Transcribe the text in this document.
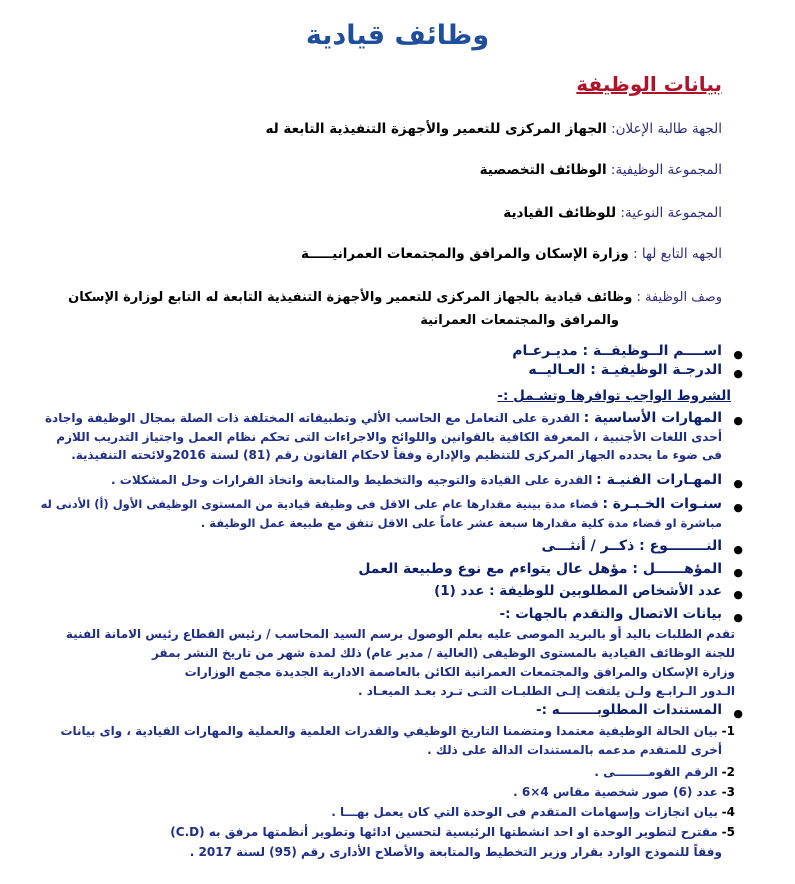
وظائف قيادية
بيانات الوظيفة
الجهة طالبة الإعلان: الجهاز المركزى للتعمير والأجهزة التنفيذية التابعة له
المجموعة الوظيفية: الوظائف التخصصية
المجموعة النوعية: للوظائف القيادية
الجهه التابع لها : وزارة الإسكان والمرافق والمجتمعات العمرانيـــــة
وصف الوظيفة : وظائف قيادية بالجهاز المركزى للتعمير والأجهزة التنفيذية التابعة له التابع لوزارة الإسكان
والمرافق والمجتمعات العمرانية
●
اســــم الــوظيفــة : مديـرعـام
●
الدرجـة الوظيفيـة : العـاليــه
الشروط الواجب توافرها وتشـمل :-
●
المهارات الأساسية : القدرة على التعامل مع الحاسب الألي وتطبيقاته المختلفة ذات الصلة بمجال الوظيفة واجادة
أحدى اللغات الأجنبية ، المعرفة الكافية بالقوانين واللوائح والاجراءات التى تحكم نظام العمل واجتياز التدريب اللازم
فى ضوء ما يحدده الجهاز المركزى للتنظيم والإدارة وفقاً لاحكام القانون رقم (81) لسنة 2016ولائحته التنفيذية.
●
المهـارات الفنيـة : القدرة على القيادة والتوجيه والتخطيط والمتابعة واتخاذ القرارات وحل المشكلات .
●
سنـوات الخـبـرة : قضاء مدة بينية مقدارها عام على الاقل فى وظيفة قيادية من المستوى الوظيفى الأول (أ) الأدنى له
مباشرة او قضاء مدة كلية مقدارها سبعة عشر عاماً على الاقل تتفق مع طبيعة عمل الوظيفة .
●
النــــــــوع : ذكــر / أنثـــى
●
المؤهــــــل : مؤهل عال يتواءم مع نوع وطبيعة العمل
●
عدد الأشخاص المطلوبين للوظيفة : عدد (1)
●
بيانات الاتصال والتقدم بالجهات :-
تقدم الطلبات باليد أو بالبريد الموصى عليه بعلم الوصول برسم السيد المحاسب / رئيس القطاع رئيس الامانة الفنية
للجنة الوظائف القيادية بالمستوى الوظيفى (العالية / مدير عام) ذلك لمدة شهر من تاريخ النشر بمقر
وزارة الإسكان والمرافق والمجتمعات العمرانية الكائن بالعاصمة الادارية الجديدة مجمع الوزارات
الـدور الـرابـع ولـن يلتفت إلـى الطلبـات التـى تـرد بعـد الميعـاد .
●
المستندات المطلوبــــــــه :-
1- بيان الحالة الوظيفية معتمدا ومتضمنا التاريخ الوظيفي والقدرات العلمية والعملية والمهارات القيادية ، واى بيانات
أخرى للمتقدم مدعمه بالمستندات الدالة على ذلك .
2- الرقم القومــــــــى .
3- عدد (6) صور شخصية مقاس 4×6 .
4- بيان انجازات وإسهامات المتقدم فى الوحدة التي كان يعمل بهـــا .
5- مقترح لتطوير الوحدة او احد انشطتها الرئيسية لتحسين ادائها وتطوير أنظمتها مرفق به (C.D)
وفقاً للنموذج الوارد بقرار وزير التخطيط والمتابعة والأصلاح الأدارى رقم (95) لسنة 2017 .
